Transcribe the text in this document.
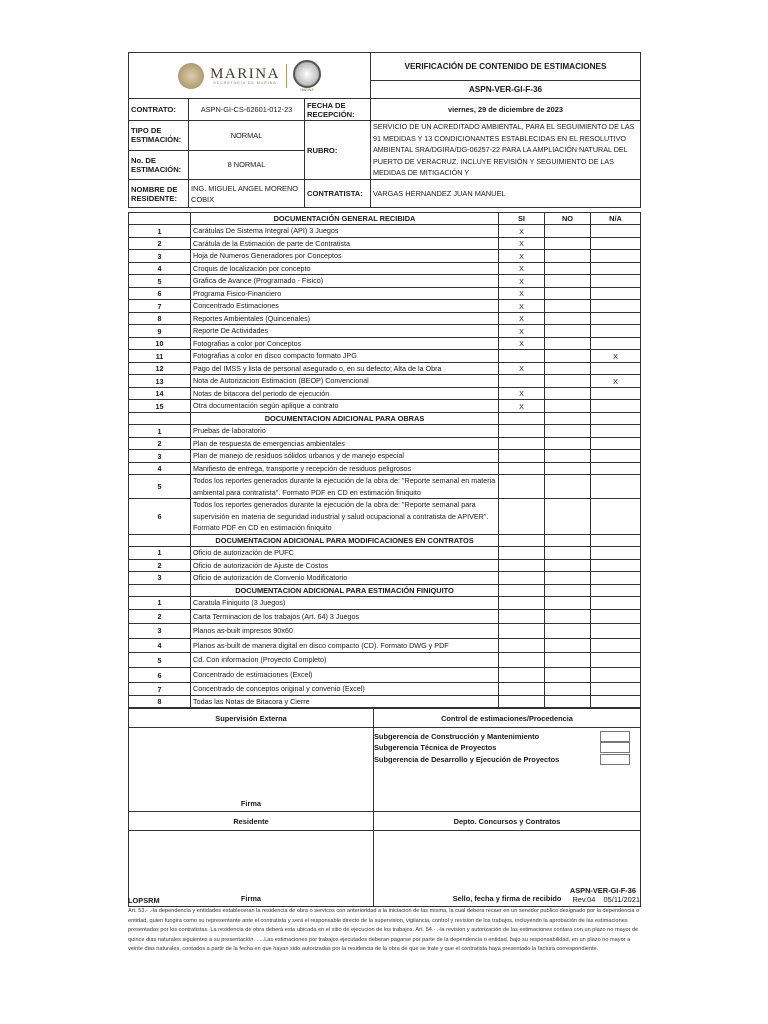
MARINA
SECRETARÍA DE MARINA
MARINA			VERIFICACIÓN DE CONTENIDO DE ESTIMACIONES
			ASPN-VER-GI-F-36
CONTRATO:	ASPN-GI-CS-62601-012-23	FECHA DE RECEPCIÓN:	viernes, 29 de diciembre de 2023
TIPO DE ESTIMACIÓN:	NORMAL	RUBRO:	SERVICIO DE UN ACREDITADO AMBIENTAL, PARA EL SEGUIMIENTO DE LAS 91 MEDIDAS Y 13 CONDICIONANTES ESTABLECIDAS EN EL RESOLUTIVO AMBIENTAL SRA/DGIRA/DG-06257-22 PARA LA AMPLIACIÓN NATURAL DEL PUERTO DE VERACRUZ. INCLUYE REVISIÓN Y SEGUIMIENTO DE LAS MEDIDAS DE MITIGACIÓN Y

No. DE ESTIMACIÓN:	8 NORMAL		
NOMBRE DE RESIDENTE:	ING. MIGUEL ANGEL MORENO COBIX	CONTRATISTA:	VARGAS HERNANDEZ JUAN MANUEL
	DOCUMENTACIÓN GENERAL RECIBIDA	SI	NO	N/A
1	Carátulas De Sistema Integral (API) 3 Juegos	X		
2	Carátula de la Estimación de parte de Contratista	X		
3	Hoja de Numeros Generadores por Conceptos	X		
4	Croquis de localización por concepto	X		
5	Grafica de Avance (Programado - Fisico)	X		
6	Programa Fisico-Financiero	X		
7	Concentrado Estimaciones	X		
8	Reportes Ambientales (Quincenales)	X		
9	Reporte De Actividades	X		
10	Fotografias a color por Conceptos	X		
11	Fotografias a color en disco compacto formato JPG			X
12	Pago del IMSS y lista de personal asegurado o, en su defecto; Alta de la Obra	X		
13	Nota de Autorizacion Estimacion (BEOP) Convencional			X
14	Notas de bitacora del periodo de ejecución	X		
15	Otra documentación según aplique a contrato	X		
	DOCUMENTACION ADICIONAL PARA OBRAS			
1	Pruebas de laboratorio			
2	Plan de respuesta de emergencias ambientales			
3	Plan de manejo de residuos sólidos urbanos y de manejo especial			
4	Manifiesto de entrega, transporte y recepción de residuos peligrosos			
5	Todos los reportes generados durante la ejecución de la obra de: "Reporte semanal en materia ambiental para contratista". Formato PDF en CD en estimación finiquito			
6	Todos los reportes generados durante la ejecución de la obra de: "Reporte semanal para supervisión en materia de seguridad industrial y salud ocupacional a contratista de APIVER". Formato PDF en CD en estimación finiquito			
	DOCUMENTACION ADICIONAL PARA MODIFICACIONES EN CONTRATOS			
1	Oficio de autorización de PUFC			
2	Oficio de autorización de Ajuste de Costos			
3	Oficio de autorización de Convenio Modificatorio			
	DOCUMENTACION ADICIONAL PARA ESTIMACIÓN FINIQUITO			
1	Caratula Finiquito (3 Juegos)			
2	Carta Terminacion de los trabajos (Art. 64) 3 Juegos			
3	Planos as-built impresos 90x60			
4	Planos as-built de manera digital en disco compacto (CD). Formato DWG y PDF			
5	Cd. Con informacion (Proyecto Completo)			
6	Concentrado de estimaciones (Excel)			
7	Concentrado de conceptos original y convenio (Excel)			
8	Todas las Notas de Bitacora y Cierre			
Supervisión Externa	Control de estimaciones/Procedencia
Firma	Subgerencia de Construcción y Mantenimiento
Subgerencia Técnica de Proyectos
Subgerencia de Desarrollo y Ejecución de Proyectos

Residente	Depto. Concursos y Contratos
Firma	Sello, fecha y firma de recibido
LOPSRM
ASPN-VER-GI-F-36
Rev.04 05/11/2021
Art. 53.- .-la dependencia y entidades estableceran la residencia de obra o servicos con anterioridad a la iniciacion de las misma, la cual debera recaer en un servidor publico designado por la dependencia o entidad, quien fungira como su representante ante el contratista y será el responsable directo de la supervision, vigilancia, control y revision de los trabajos, incluyendo la aprobación de las estimaciones presentadas por los contratistas. La residencia de obra deberá esta ubicada en el sitio de ejecucion de los trabajos. Art. 54.- .-la revision y autorización de las estimaciones contara con un plazo no mayor de quince dias naturales siguientes a su presentación. .....Las estimaciones por trabajos ejecutados deberan pagarse por parte de la dependencia o entidad, bajo su responsabilidad, en un plazo no mayor a veinte dias naturales, contados a partir de la fecha en que hayan sido autorizadas por la residencia de la obra de que se trate y que el contratista haya presentado la factura correspondiente.
